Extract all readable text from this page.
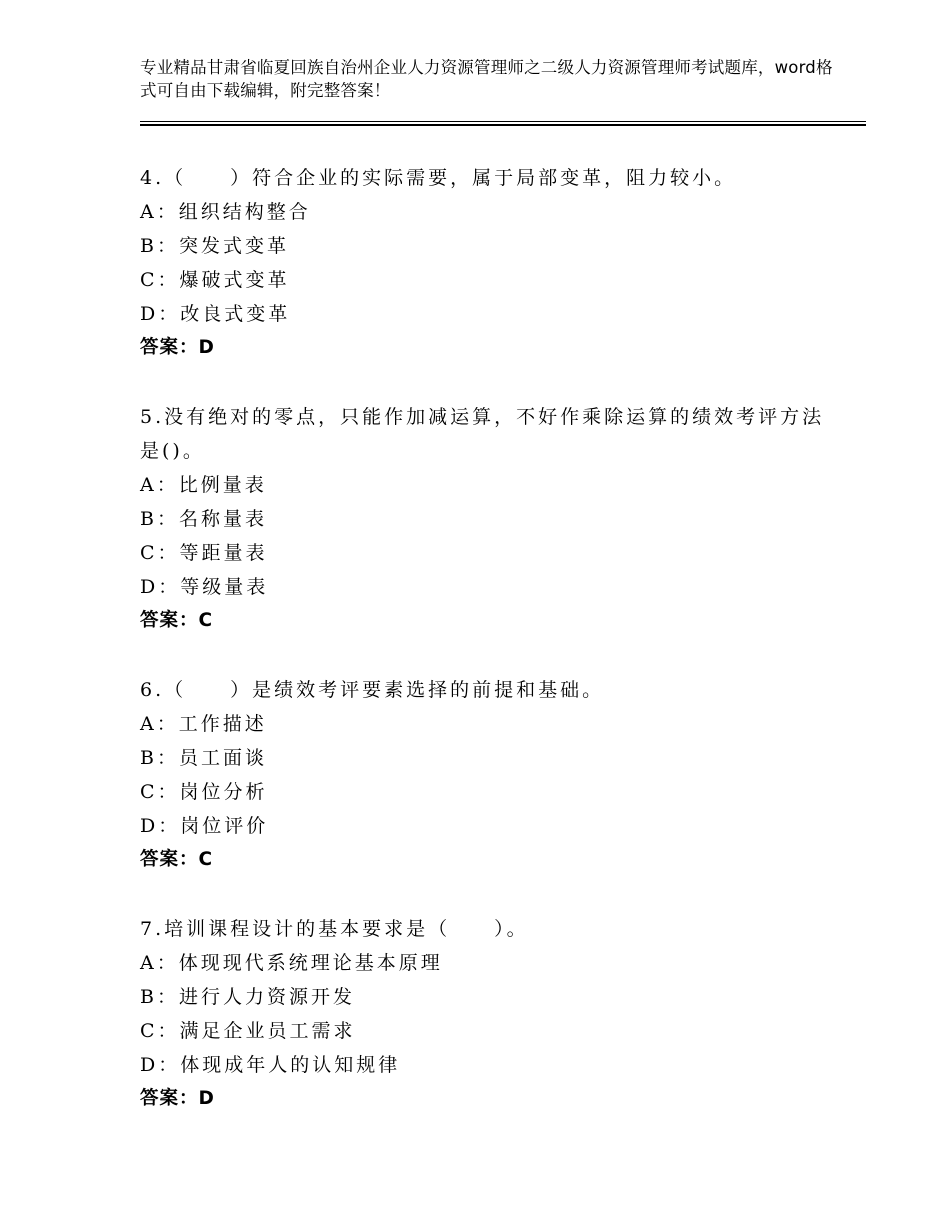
专业精品甘肃省临夏回族自治州企业人力资源管理师之二级人力资源管理师考试题库，word格式可自由下载编辑，附完整答案！
4.（　　）符合企业的实际需要，属于局部变革，阻力较小。
A：组织结构整合
B：突发式变革
C：爆破式变革
D：改良式变革
答案：D
5.没有绝对的零点，只能作加减运算，不好作乘除运算的绩效考评方法是()。
A：比例量表
B：名称量表
C：等距量表
D：等级量表
答案：C
6.（　　）是绩效考评要素选择的前提和基础。
A：工作描述
B：员工面谈
C：岗位分析
D：岗位评价
答案：C
7.培训课程设计的基本要求是（　　）。
A：体现现代系统理论基本原理
B：进行人力资源开发
C：满足企业员工需求
D：体现成年人的认知规律
答案：D
